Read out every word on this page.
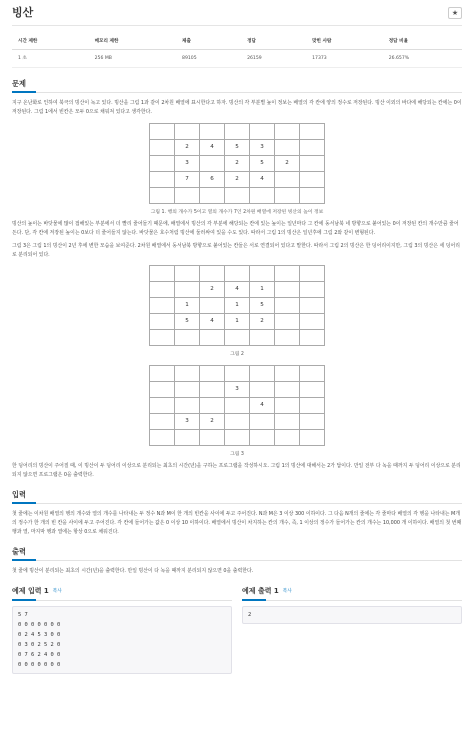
빙산	★
시간 제한	메모리 제한	제출	정답	맞힌 사람	정답 비율
1 초	256 MB	89105	26159	17373	26.657%
문제

지구 온난화로 인하여 북극의 빙산이 녹고 있다. 빙산을 그림 1과 같이 2차원 배열에 표시한다고 하자. 빙산의 각 부분별 높이 정보는 배열의 각 칸에 양의 정수로 저장된다. 빙산 이외의 바다에 해당되는 칸에는 0이 저장된다. 그림 1에서 빈칸은 모두 0으로 채워져 있다고 생각한다.

	2	4	5	3		
	3		2	5	2	
	7	6	2	4		

그림 1. 행의 개수가 5이고 열의 개수가 7인 2차원 배열에 저장된 빙산의 높이 정보

빙산의 높이는 바닷물에 많이 접해있는 부분에서 더 빨리 줄어들기 때문에, 배열에서 빙산의 각 부분에 해당되는 칸에 있는 높이는 일년마다 그 칸에 동서남북 네 방향으로 붙어있는 0이 저장된 칸의 개수만큼 줄어든다. 단, 각 칸에 저장된 높이는 0보다 더 줄어들지 않는다. 바닷물은 호수처럼 빙산에 둘러싸여 있을 수도 있다. 따라서 그림 1의 빙산은 일년후에 그림 2와 같이 변형된다.

그림 3은 그림 1의 빙산이 2년 후에 변한 모습을 보여준다. 2차원 배열에서 동서남북 방향으로 붙어있는 칸들은 서로 연결되어 있다고 말한다. 따라서 그림 2의 빙산은 한 덩어리이지만, 그림 3의 빙산은 세 덩어리로 분리되어 있다.

		2	4	1		
	1		1	5		
	5	4	1	2		

그림 2

			3			
				4		
	3	2				

그림 3

한 덩어리의 빙산이 주어질 때, 이 빙산이 두 덩어리 이상으로 분리되는 최초의 시간(년)을 구하는 프로그램을 작성하시오. 그림 1의 빙산에 대해서는 2가 답이다. 만일 전부 다 녹을 때까지 두 덩어리 이상으로 분리되지 않으면 프로그램은 0을 출력한다.

입력

첫 줄에는 이차원 배열의 행의 개수와 열의 개수를 나타내는 두 정수 N과 M이 한 개의 빈칸을 사이에 두고 주어진다. N과 M은 3 이상 300 이하이다. 그 다음 N개의 줄에는 각 줄마다 배열의 각 행을 나타내는 M개의 정수가 한 개의 빈 칸을 사이에 두고 주어진다. 각 칸에 들어가는 값은 0 이상 10 이하이다. 배열에서 빙산이 차지하는 칸의 개수, 즉, 1 이상의 정수가 들어가는 칸의 개수는 10,000 개 이하이다. 배열의 첫 번째 행과 열, 마지막 행과 열에는 항상 0으로 채워진다.

출력

첫 줄에 빙산이 분리되는 최초의 시간(년)을 출력한다. 만일 빙산이 다 녹을 때까지 분리되지 않으면 0을 출력한다.

예제 입력 1 복사
5 7
0 0 0 0 0 0 0
0 2 4 5 3 0 0
0 3 0 2 5 2 0
0 7 6 2 4 0 0
0 0 0 0 0 0 0
예제 출력 1 복사
2
